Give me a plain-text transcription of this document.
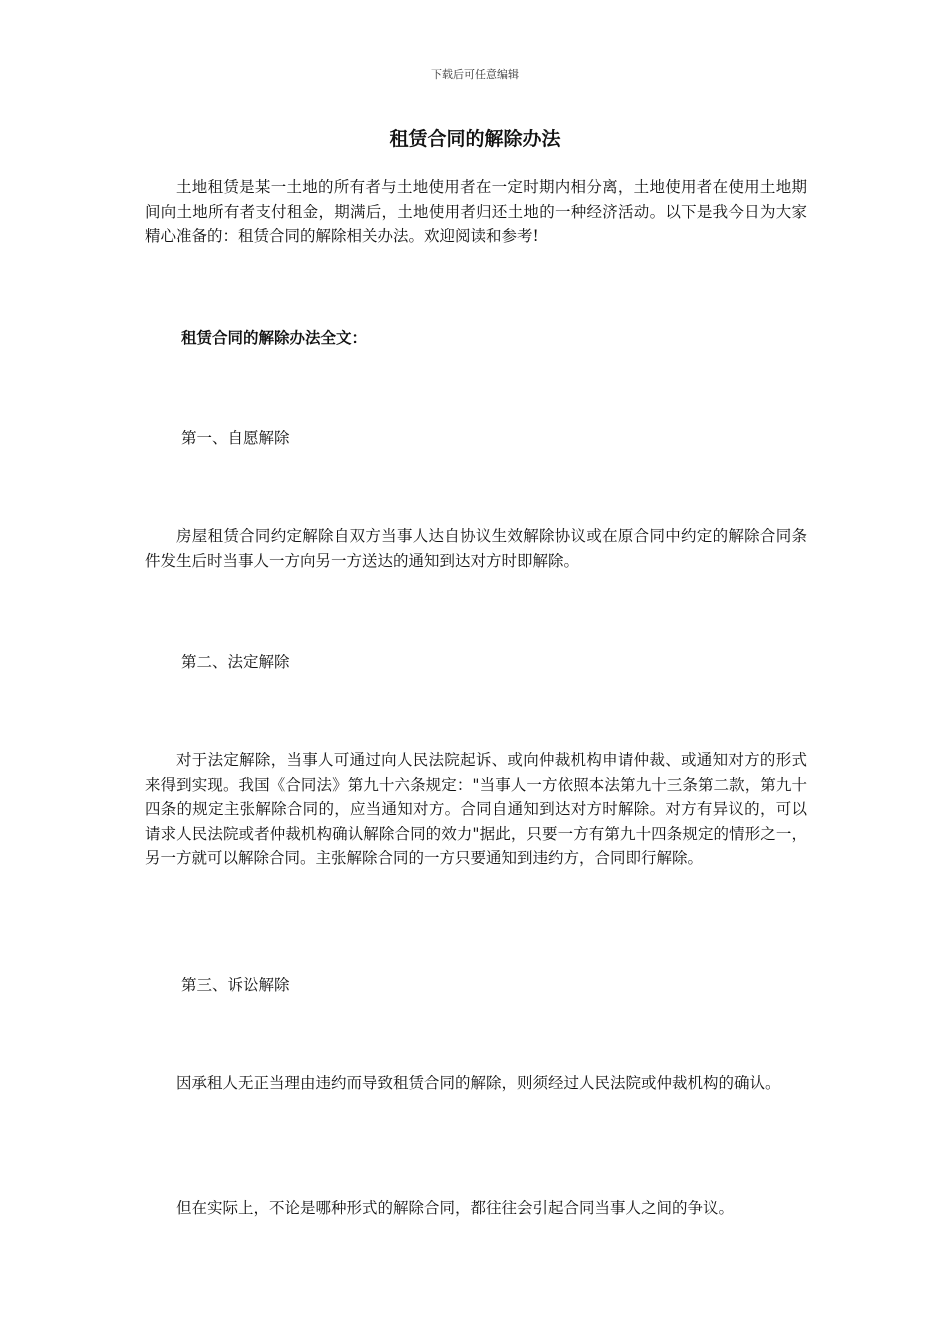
下载后可任意编辑
租赁合同的解除办法

土地租赁是某一土地的所有者与土地使用者在一定时期内相分离，土地使用者在使用土地期间向土地所有者支付租金，期满后，土地使用者归还土地的一种经济活动。以下是我今日为大家精心准备的：租赁合同的解除相关办法。欢迎阅读和参考!

租赁合同的解除办法全文：

第一、自愿解除

房屋租赁合同约定解除自双方当事人达自协议生效解除协议或在原合同中约定的解除合同条件发生后时当事人一方向另一方送达的通知到达对方时即解除。

第二、法定解除

对于法定解除，当事人可通过向人民法院起诉、或向仲裁机构申请仲裁、或通知对方的形式来得到实现。我国《合同法》第九十六条规定："当事人一方依照本法第九十三条第二款，第九十四条的规定主张解除合同的，应当通知对方。合同自通知到达对方时解除。对方有异议的，可以请求人民法院或者仲裁机构确认解除合同的效力"据此，只要一方有第九十四条规定的情形之一，另一方就可以解除合同。主张解除合同的一方只要通知到违约方，合同即行解除。

第三、诉讼解除

因承租人无正当理由违约而导致租赁合同的解除，则须经过人民法院或仲裁机构的确认。

但在实际上，不论是哪种形式的解除合同，都往往会引起合同当事人之间的争议。
